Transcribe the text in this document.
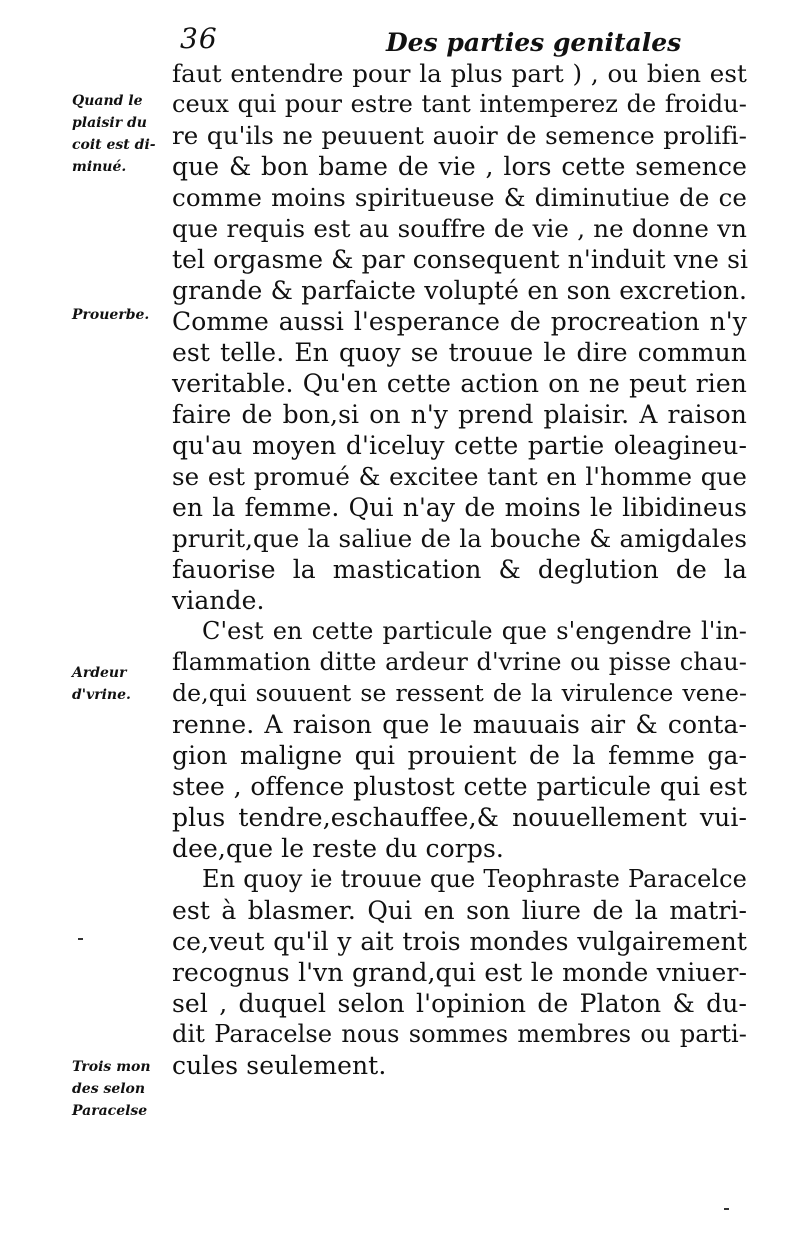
36	Des parties genitales
Quand le
plaisir du
coit est di-
minué.
Prouerbe.
Ardeur
d'vrine.
Trois mon
des selon
Paracelse
faut entendre pour la plus part ) , ou bien est
ceux qui pour estre tant intemperez de froidu-
re qu'ils ne peuuent auoir de semence prolifi-
que & bon bame de vie , lors cette semence
comme moins spiritueuse & diminutiue de ce
que requis est au souffre de vie , ne donne vn
tel orgasme & par consequent n'induit vne si
grande & parfaicte volupté en son excretion.
Comme aussi l'esperance de procreation n'y
est telle. En quoy se trouue le dire commun
veritable. Qu'en cette action on ne peut rien
faire de bon,si on n'y prend plaisir. A raison
qu'au moyen d'iceluy cette partie oleagineu-
se est promué & excitee tant en l'homme que
en la femme. Qui n'ay de moins le libidineus
prurit,que la saliue de la bouche & amigdales
fauorise la mastication & deglution de la
viande.
C'est en cette particule que s'engendre l'in-
flammation ditte ardeur d'vrine ou pisse chau-
de,qui souuent se ressent de la virulence vene-
renne. A raison que le mauuais air & conta-
gion maligne qui prouient de la femme ga-
stee , offence plustost cette particule qui est
plus tendre,eschauffee,& nouuellement vui-
dee,que le reste du corps.
En quoy ie trouue que Teophraste Paracelce
est à blasmer. Qui en son liure de la matri-
ce,veut qu'il y ait trois mondes vulgairement
recognus l'vn grand,qui est le monde vniuer-
sel , duquel selon l'opinion de Platon & du-
dit Paracelse nous sommes membres ou parti-
cules seulement.
